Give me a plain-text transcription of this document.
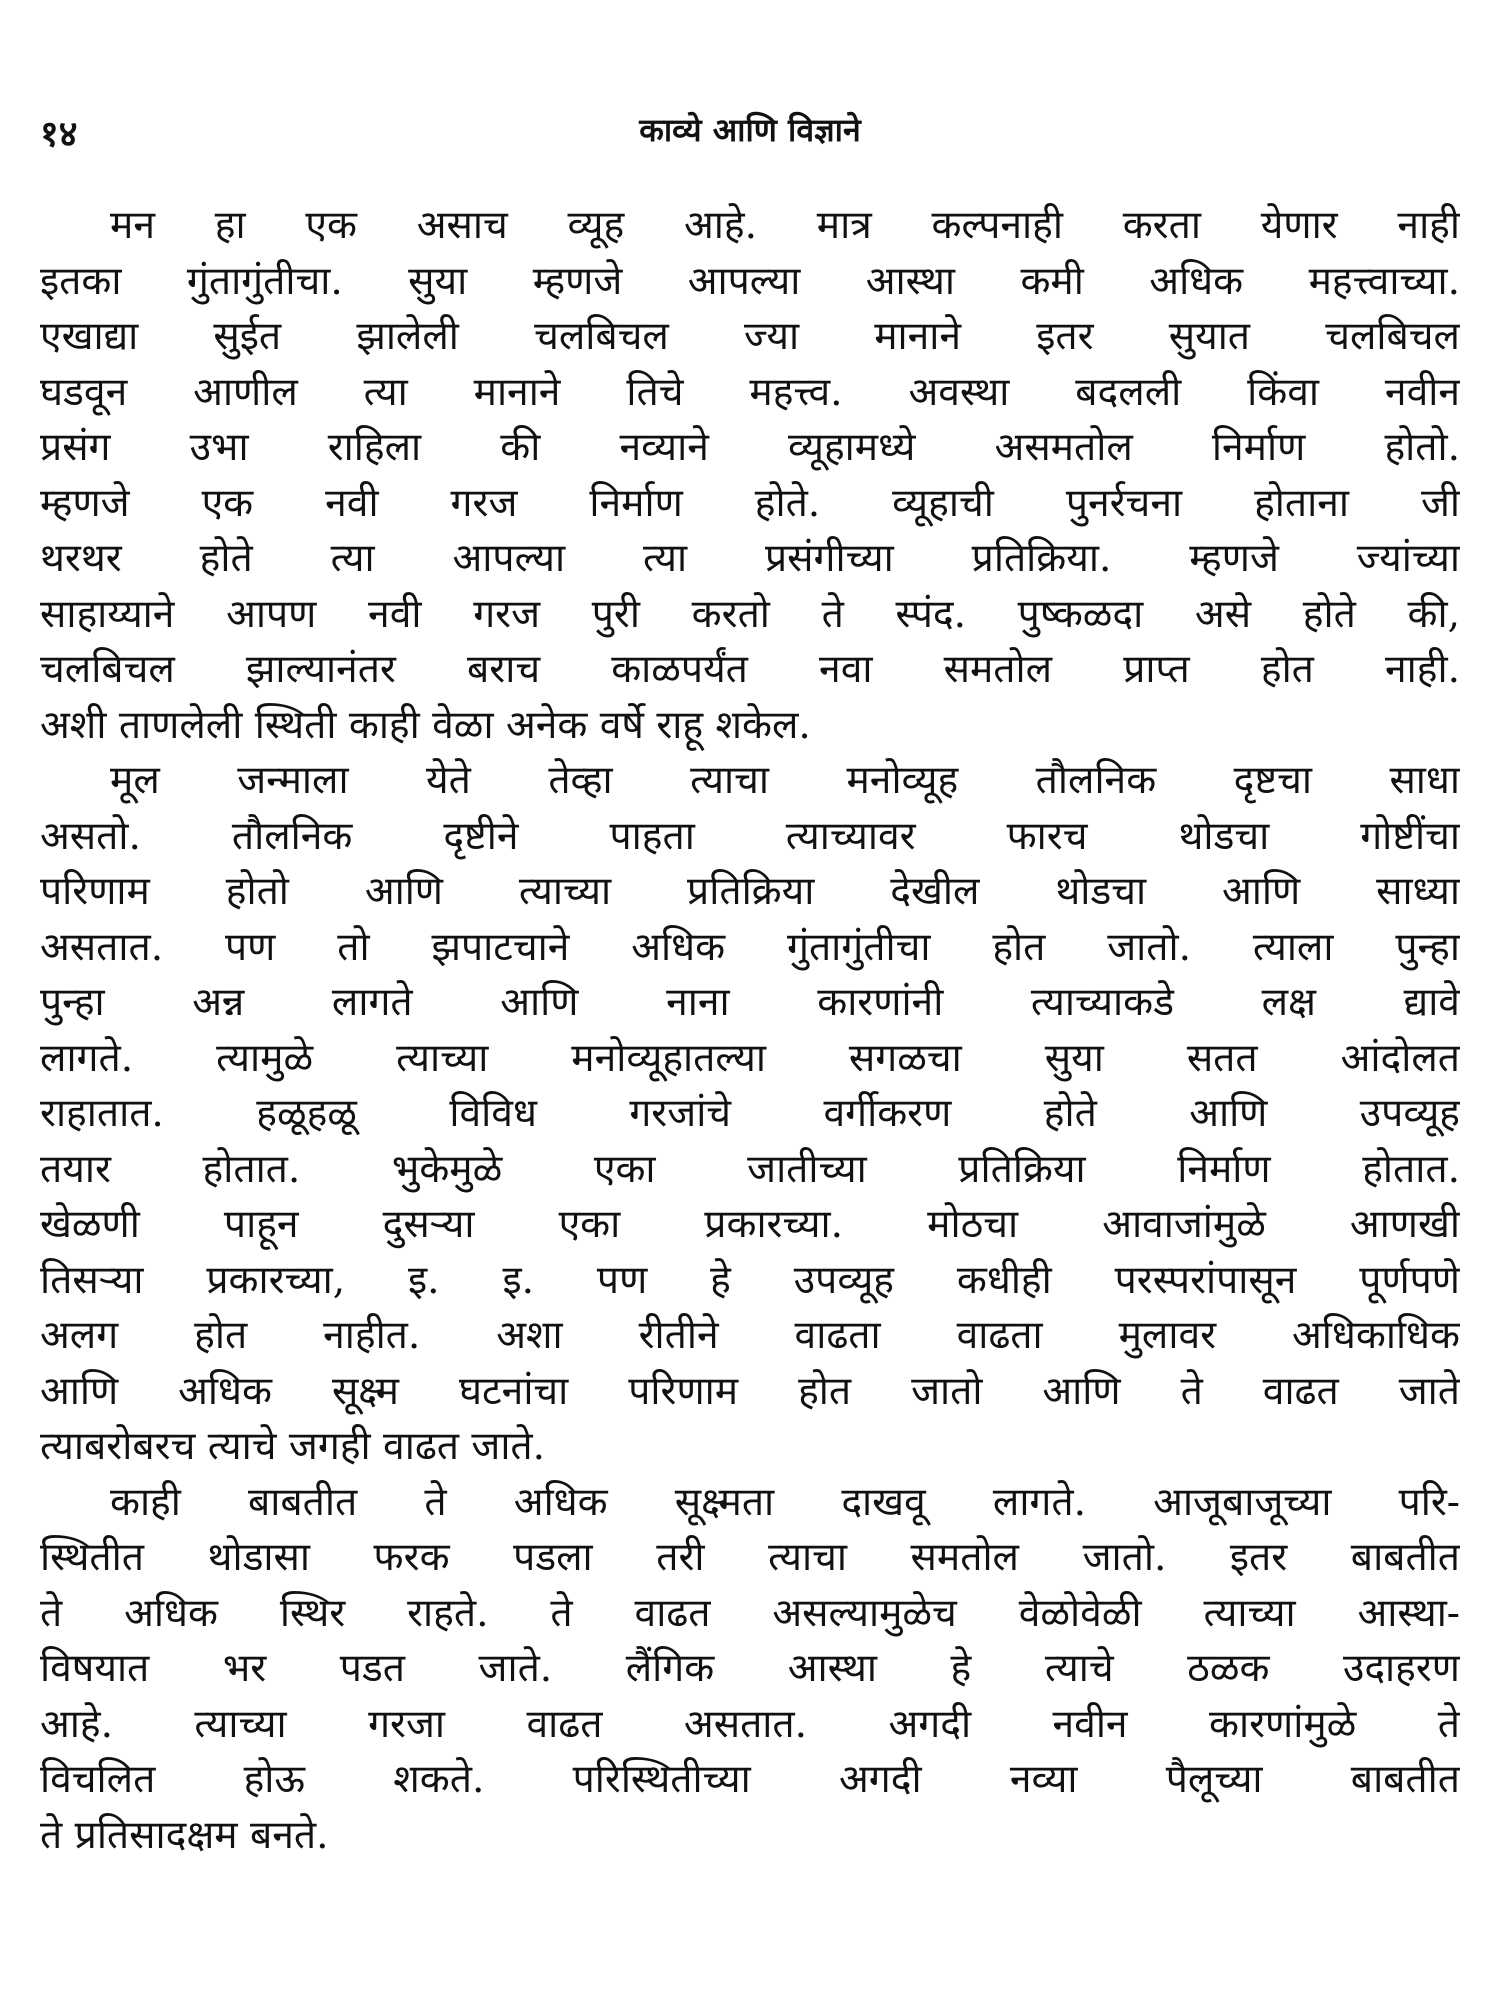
१४	काव्ये आणि विज्ञाने
मन हा एक असाच व्यूह आहे. मात्र कल्पनाही करता येणार नाही
इतका गुंतागुंतीचा. सुया म्हणजे आपल्या आस्था कमी अधिक महत्त्वाच्या.
एखाद्या सुईत झालेली चलबिचल ज्या मानाने इतर सुयात चलबिचल
घडवून आणील त्या मानाने तिचे महत्त्व. अवस्था बदलली किंवा नवीन
प्रसंग उभा राहिला की नव्याने व्यूहामध्ये असमतोल निर्माण होतो.
म्हणजे एक नवी गरज निर्माण होते. व्यूहाची पुनर्रचना होताना जी
थरथर होते त्या आपल्या त्या प्रसंगीच्या प्रतिक्रिया. म्हणजे ज्यांच्या
साहाय्याने आपण नवी गरज पुरी करतो ते स्पंद. पुष्कळदा असे होते की,
चलबिचल झाल्यानंतर बराच काळपर्यंत नवा समतोल प्राप्त होत नाही.
अशी ताणलेली स्थिती काही वेळा अनेक वर्षे राहू शकेल.
मूल जन्माला येते तेव्हा त्याचा मनोव्यूह तौलनिक दृष्टचा साधा
असतो. तौलनिक दृष्टीने पाहता त्याच्यावर फारच थोडचा गोष्टींचा
परिणाम होतो आणि त्याच्या प्रतिक्रिया देखील थोडचा आणि साध्या
असतात. पण तो झपाटचाने अधिक गुंतागुंतीचा होत जातो. त्याला पुन्हा
पुन्हा अन्न लागते आणि नाना कारणांनी त्याच्याकडे लक्ष द्यावे
लागते. त्यामुळे त्याच्या मनोव्यूहातल्या सगळचा सुया सतत आंदोलत
राहातात. हळूहळू विविध गरजांचे वर्गीकरण होते आणि उपव्यूह
तयार होतात. भुकेमुळे एका जातीच्या प्रतिक्रिया निर्माण होतात.
खेळणी पाहून दुसऱ्या एका प्रकारच्या. मोठचा आवाजांमुळे आणखी
तिसऱ्या प्रकारच्या, इ. इ. पण हे उपव्यूह कधीही परस्परांपासून पूर्णपणे
अलग होत नाहीत. अशा रीतीने वाढता वाढता मुलावर अधिकाधिक
आणि अधिक सूक्ष्म घटनांचा परिणाम होत जातो आणि ते वाढत जाते
त्याबरोबरच त्याचे जगही वाढत जाते.
काही बाबतीत ते अधिक सूक्ष्मता दाखवू लागते. आजूबाजूच्या परि-
स्थितीत थोडासा फरक पडला तरी त्याचा समतोल जातो. इतर बाबतीत
ते अधिक स्थिर राहते. ते वाढत असल्यामुळेच वेळोवेळी त्याच्या आस्था-
विषयात भर पडत जाते. लैंगिक आस्था हे त्याचे ठळक उदाहरण
आहे. त्याच्या गरजा वाढत असतात. अगदी नवीन कारणांमुळे ते
विचलित होऊ शकते. परिस्थितीच्या अगदी नव्या पैलूच्या बाबतीत
ते प्रतिसादक्षम बनते.
